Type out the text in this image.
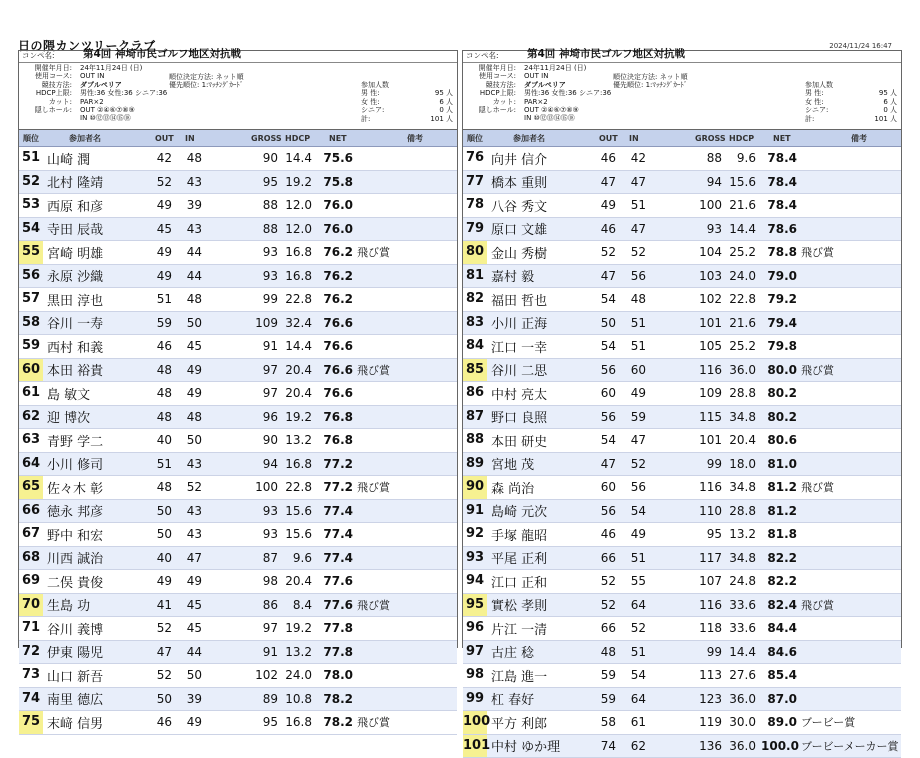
日の隈カンツリークラブ	2024/11/24 16:47
コンペ名:	第4回 神埼市民ゴルフ地区対抗戦
開催年月日: 24年11月24日 (日)
使用コース: OUT IN
競技方法: ダブルペリア
HDCP上限: 男性:36 女性:36 シニア:36
カット: PAR×2
隠しホール: OUT ②④⑥⑦⑧⑨
IN ⑩⑫⑬⑭⑮⑱
順位決定方法: ネット順
優先順位: 1:ﾏｯﾁﾝｸﾞｶｰﾄﾞ	参加人数
男 性:	95 人
女 性:	6 人
シニア:	0 人
計:	101 人
順位	参加者名	OUT IN	GROSS HDCP NET	備考
51 山崎 潤	42	48	90 14.4 75.6
52 北村 隆靖	52	43	95 19.2 75.8
53 西原 和彦	49	39	88 12.0 76.0
54 寺田 辰哉	45	43	88 12.0 76.0
55 宮崎 明雄	49	44	93 16.8 76.2 飛び賞
56 永原 沙織	49	44	93 16.8 76.2
57 黒田 淳也	51	48	99 22.8 76.2
58 谷川 一寿	59	50	109 32.4 76.6
59 西村 和義	46	45	91 14.4 76.6
60 本田 裕貴	48	49	97 20.4 76.6 飛び賞
61 島 敏文	48	49	97 20.4 76.6
62 迎 博次	48	48	96 19.2 76.8
63 青野 学二	40	50	90 13.2 76.8
64 小川 修司	51	43	94 16.8 77.2
65 佐々木 彰	48	52	100 22.8 77.2 飛び賞
66 徳永 邦彦	50	43	93 15.6 77.4
67 野中 和宏	50	43	93 15.6 77.4
68 川西 誠治	40	47	87	9.6 77.4
69 二俣 貴俊	49	49	98 20.4 77.6
70 生島 功	41	45	86	8.4 77.6 飛び賞
71 谷川 義博	52	45	97 19.2 77.8
72 伊東 陽児	47	44	91 13.2 77.8
73 山口 新吾	52	50	102 24.0 78.0
74 南里 德広	50	39	89 10.8 78.2
75 末﨑 信男	46	49	95 16.8 78.2 飛び賞
コンペ名:	第4回 神埼市民ゴルフ地区対抗戦
開催年月日: 24年11月24日 (日)
使用コース: OUT IN
競技方法: ダブルペリア
HDCP上限: 男性:36 女性:36 シニア:36
カット: PAR×2
隠しホール: OUT ②④⑥⑦⑧⑨
IN ⑩⑫⑬⑭⑮⑱
順位決定方法: ネット順
優先順位: 1:ﾏｯﾁﾝｸﾞｶｰﾄﾞ	参加人数
男 性:	95 人
女 性:	6 人
シニア:	0 人
計:	101 人
順位	参加者名	OUT IN	GROSS HDCP NET	備考
76 向井 信介	46	42	88	9.6 78.4
77 橋本 重則	47	47	94 15.6 78.4
78 八谷 秀文	49	51	100 21.6 78.4
79 原口 文雄	46	47	93 14.4 78.6
80 金山 秀樹	52	52	104 25.2 78.8 飛び賞
81 嘉村 毅	47	56	103 24.0 79.0
82 福田 哲也	54	48	102 22.8 79.2
83 小川 正海	50	51	101 21.6 79.4
84 江口 一幸	54	51	105 25.2 79.8
85 谷川 二思	56	60	116 36.0 80.0 飛び賞
86 中村 亮太	60	49	109 28.8 80.2
87 野口 良照	56	59	115 34.8 80.2
88 本田 研史	54	47	101 20.4 80.6
89 宮地 茂	47	52	99 18.0 81.0
90 森 尚治	60	56	116 34.8 81.2 飛び賞
91 島崎 元次	56	54	110 28.8 81.2
92 手塚 龍昭	46	49	95 13.2 81.8
93 平尾 正利	66	51	117 34.8 82.2
94 江口 正和	52	55	107 24.8 82.2
95 實松 孝則	52	64	116 33.6 82.4 飛び賞
96 片江 一清	66	52	118 33.6 84.4
97 古庄 稔	48	51	99 14.4 84.6
98 江島 進一	59	54	113 27.6 85.4
99 杠 春好	59	64	123 36.0 87.0
100 平方 利郎	58	61	119 30.0 89.0 ブービー賞
101 中村 ゆか理	74	62	136 36.0 100.0 ブービーメーカー賞
